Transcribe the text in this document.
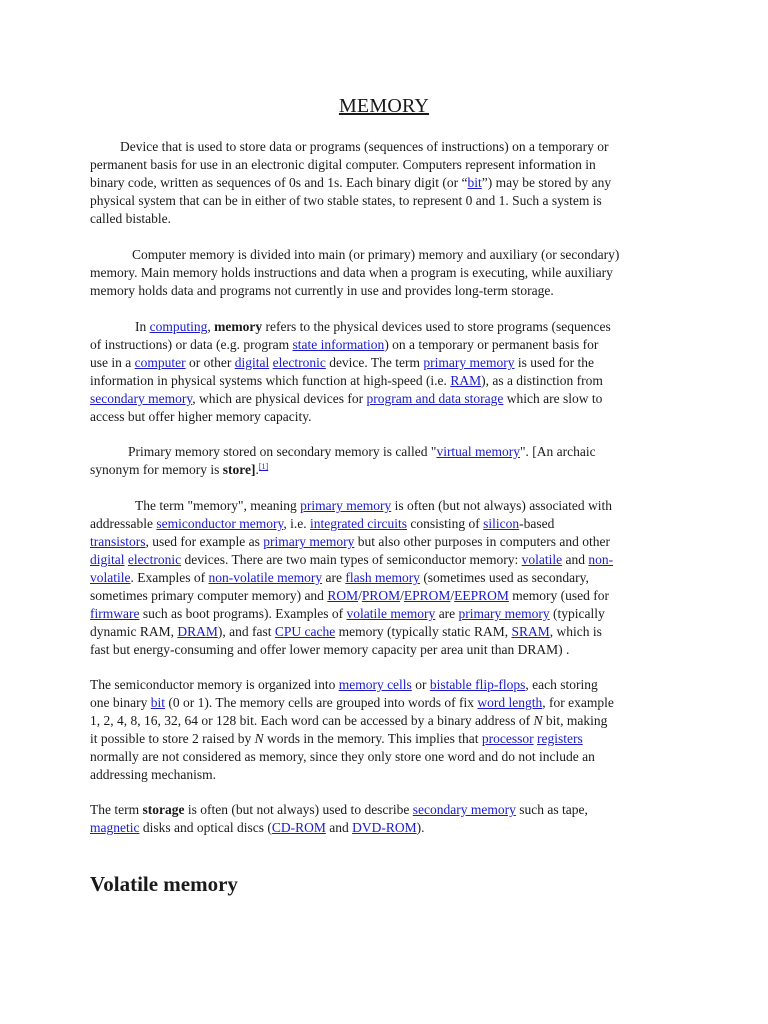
MEMORY

Device that is used to store data or programs (sequences of instructions) on a temporary or
permanent basis for use in an electronic digital computer. Computers represent information in
binary code, written as sequences of 0s and 1s. Each binary digit (or “bit”) may be stored by any
physical system that can be in either of two stable states, to represent 0 and 1. Such a system is
called bistable.

Computer memory is divided into main (or primary) memory and auxiliary (or secondary)
memory. Main memory holds instructions and data when a program is executing, while auxiliary
memory holds data and programs not currently in use and provides long-term storage.

In computing, memory refers to the physical devices used to store programs (sequences
of instructions) or data (e.g. program state information) on a temporary or permanent basis for
use in a computer or other digital electronic device. The term primary memory is used for the
information in physical systems which function at high-speed (i.e. RAM), as a distinction from
secondary memory, which are physical devices for program and data storage which are slow to
access but offer higher memory capacity.

Primary memory stored on secondary memory is called "virtual memory". [An archaic
synonym for memory is store].[1]

The term "memory", meaning primary memory is often (but not always) associated with
addressable semiconductor memory, i.e. integrated circuits consisting of silicon-based
transistors, used for example as primary memory but also other purposes in computers and other
digital electronic devices. There are two main types of semiconductor memory: volatile and non-
volatile. Examples of non-volatile memory are flash memory (sometimes used as secondary,
sometimes primary computer memory) and ROM/PROM/EPROM/EEPROM memory (used for
firmware such as boot programs). Examples of volatile memory are primary memory (typically
dynamic RAM, DRAM), and fast CPU cache memory (typically static RAM, SRAM, which is
fast but energy-consuming and offer lower memory capacity per area unit than DRAM) .

The semiconductor memory is organized into memory cells or bistable flip-flops, each storing
one binary bit (0 or 1). The memory cells are grouped into words of fix word length, for example
1, 2, 4, 8, 16, 32, 64 or 128 bit. Each word can be accessed by a binary address of N bit, making
it possible to store 2 raised by N words in the memory. This implies that processor registers
normally are not considered as memory, since they only store one word and do not include an
addressing mechanism.

The term storage is often (but not always) used to describe secondary memory such as tape,
magnetic disks and optical discs (CD-ROM and DVD-ROM).

Volatile memory
